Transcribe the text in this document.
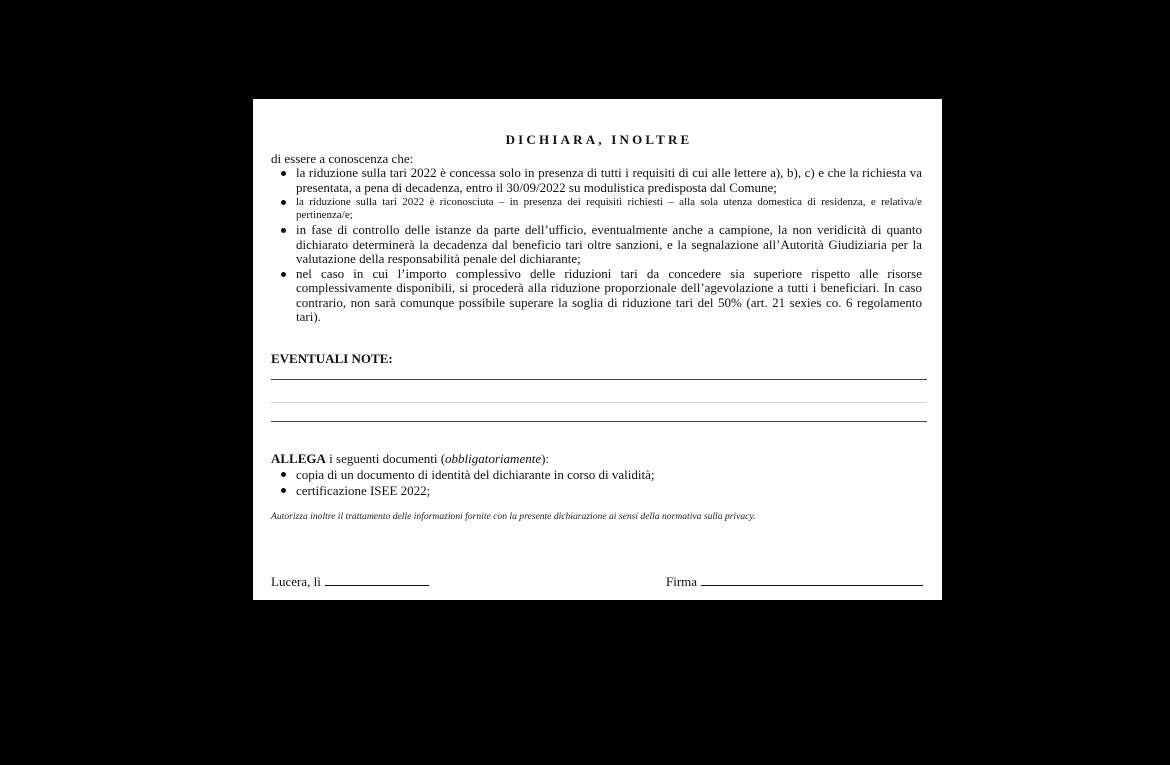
DICHIARA, INOLTRE
di essere a conoscenza che:
la riduzione sulla tari 2022 è concessa solo in presenza di tutti i requisiti di cui alle lettere a), b), c) e che la richiesta va presentata, a pena di decadenza, entro il 30/09/2022 su modulistica predisposta dal Comune;
la riduzione sulla tari 2022 è riconosciuta – in presenza dei requisiti richiesti – alla sola utenza domestica di residenza, e relativa/e pertinenza/e;
in fase di controllo delle istanze da parte dell’ufficio, eventualmente anche a campione, la non veridicità di quanto dichiarato determinerà la decadenza dal beneficio tari oltre sanzioni, e la segnalazione all’Autorità Giudiziaria per la valutazione della responsabilità penale del dichiarante;
nel caso in cui l’importo complessivo delle riduzioni tari da concedere sia superiore rispetto alle risorse complessivamente disponibili, si procederà alla riduzione proporzionale dell’agevolazione a tutti i beneficiari. In caso contrario, non sarà comunque possibile superare la soglia di riduzione tari del 50% (art. 21 sexies co. 6 regolamento tari).
EVENTUALI NOTE:
ALLEGA i seguenti documenti (obbligatoriamente):
copia di un documento di identità del dichiarante in corso di validità;
certificazione ISEE 2022;
Autorizza inoltre il trattamento delle informazioni fornite con la presente dichiarazione ai sensi della normativa sulla privacy.
Lucera, lì	Firma
